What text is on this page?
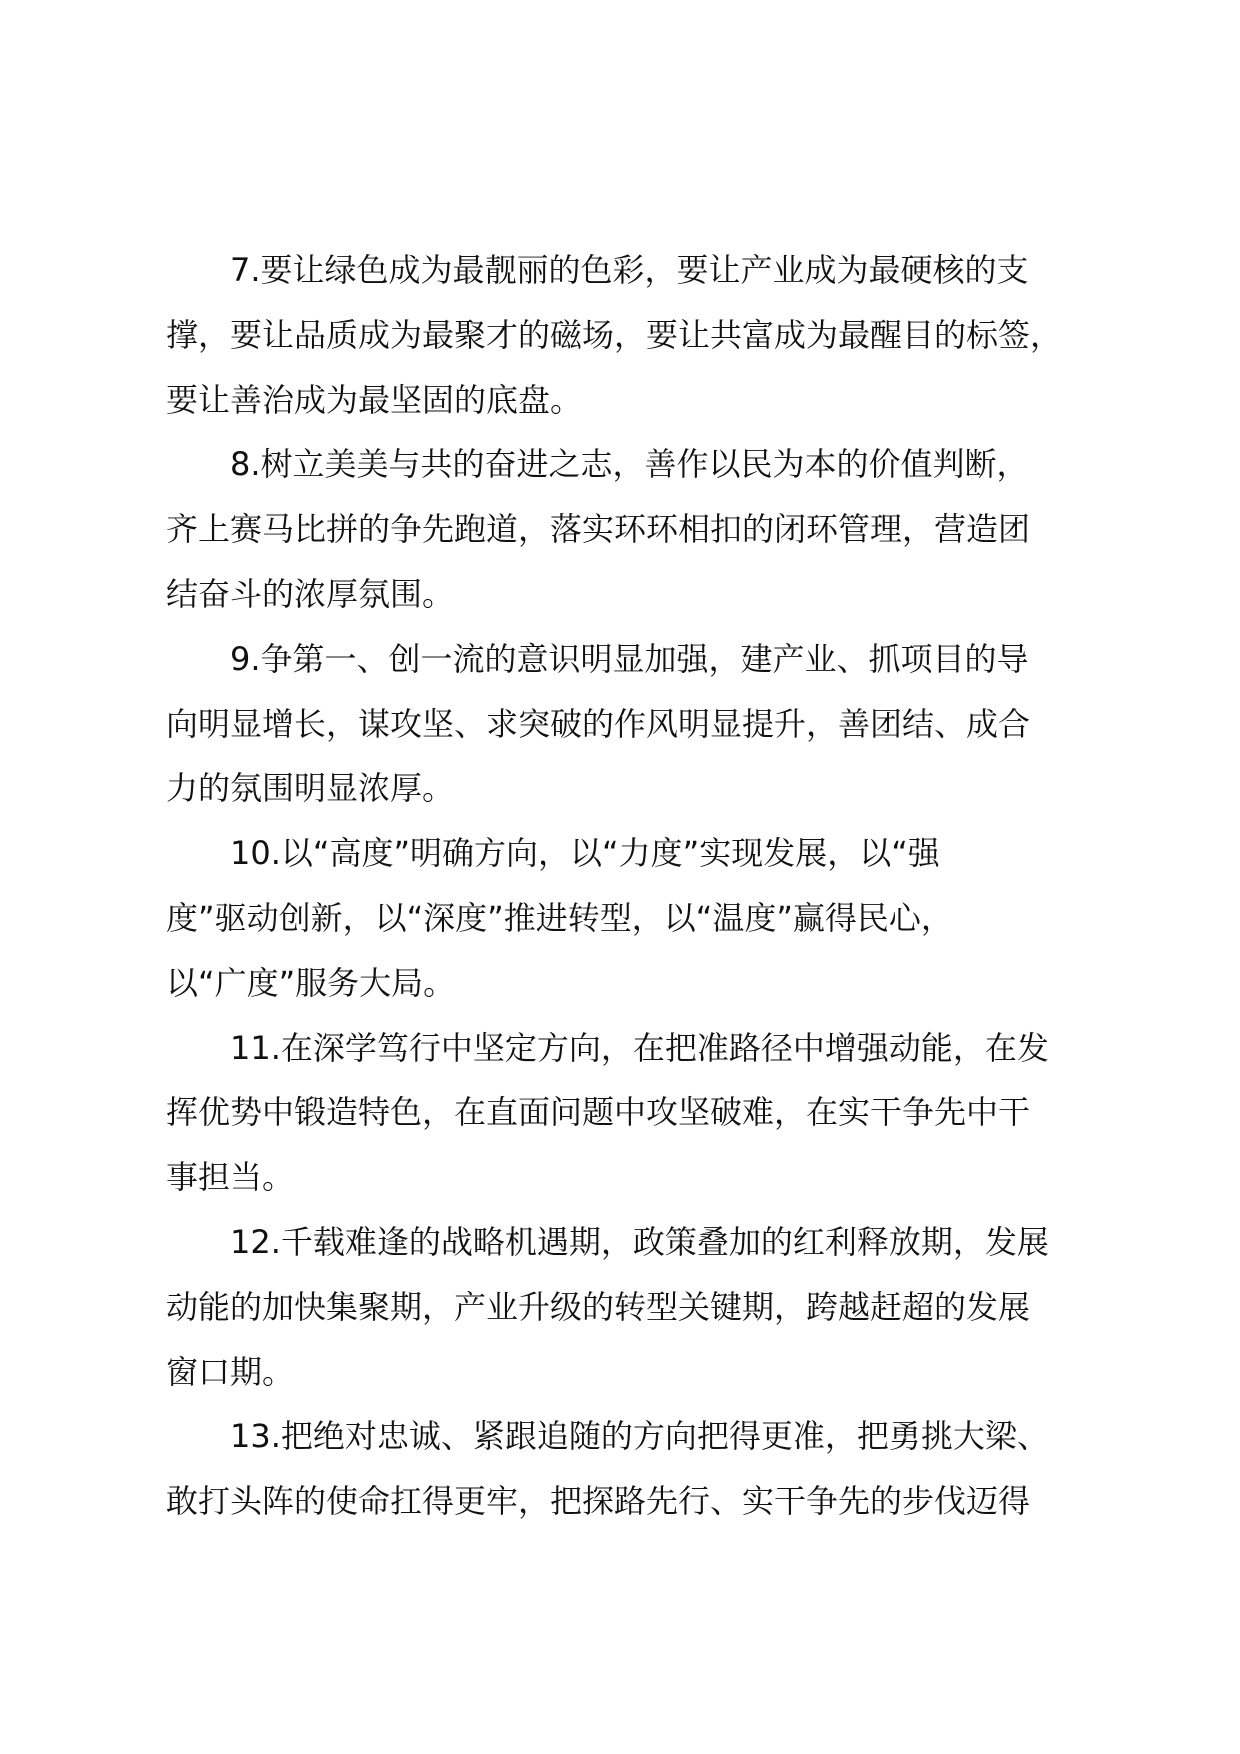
7.要让绿色成为最靓丽的色彩，要让产业成为最硬核的支
撑，要让品质成为最聚才的磁场，要让共富成为最醒目的标签，
要让善治成为最坚固的底盘。
8.树立美美与共的奋进之志，善作以民为本的价值判断，
齐上赛马比拼的争先跑道，落实环环相扣的闭环管理，营造团
结奋斗的浓厚氛围。
9.争第一、创一流的意识明显加强，建产业、抓项目的导
向明显增长，谋攻坚、求突破的作风明显提升，善团结、成合
力的氛围明显浓厚。
10.以“高度”明确方向，以“力度”实现发展，以“强
度”驱动创新，以“深度”推进转型，以“温度”赢得民心，
以“广度”服务大局。
11.在深学笃行中坚定方向，在把准路径中增强动能，在发
挥优势中锻造特色，在直面问题中攻坚破难，在实干争先中干
事担当。
12.千载难逢的战略机遇期，政策叠加的红利释放期，发展
动能的加快集聚期，产业升级的转型关键期，跨越赶超的发展
窗口期。
13.把绝对忠诚、紧跟追随的方向把得更准，把勇挑大梁、
敢打头阵的使命扛得更牢，把探路先行、实干争先的步伐迈得
